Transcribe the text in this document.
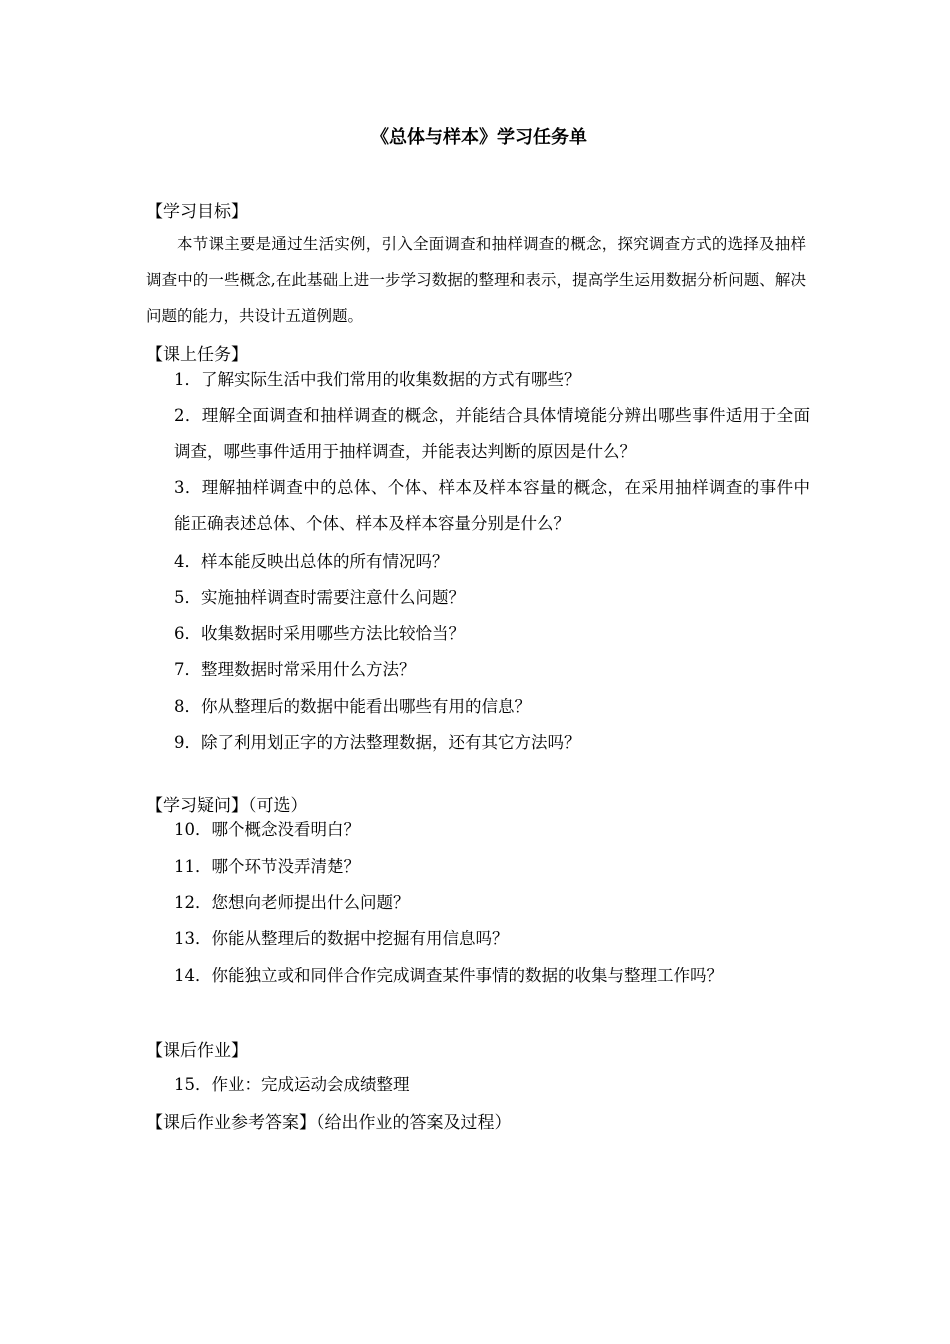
《总体与样本》学习任务单
【学习目标】
本节课主要是通过生活实例，引入全面调查和抽样调查的概念，探究调查方式的选择及抽样调查中的一些概念,在此基础上进一步学习数据的整理和表示，提高学生运用数据分析问题、解决问题的能力，共设计五道例题。
【课上任务】
1．了解实际生活中我们常用的收集数据的方式有哪些？
2．理解全面调查和抽样调查的概念，并能结合具体情境能分辨出哪些事件适用于全面调查，哪些事件适用于抽样调查，并能表达判断的原因是什么？
3．理解抽样调查中的总体、个体、样本及样本容量的概念，在采用抽样调查的事件中能正确表述总体、个体、样本及样本容量分别是什么？
4．样本能反映出总体的所有情况吗？
5．实施抽样调查时需要注意什么问题？
6．收集数据时采用哪些方法比较恰当？
7．整理数据时常采用什么方法？
8．你从整理后的数据中能看出哪些有用的信息？
9．除了利用划正字的方法整理数据，还有其它方法吗？
【学习疑问】（可选）
10．哪个概念没看明白？
11．哪个环节没弄清楚？
12．您想向老师提出什么问题？
13．你能从整理后的数据中挖掘有用信息吗？
14．你能独立或和同伴合作完成调查某件事情的数据的收集与整理工作吗？
【课后作业】
15．作业：完成运动会成绩整理
【课后作业参考答案】（给出作业的答案及过程）
